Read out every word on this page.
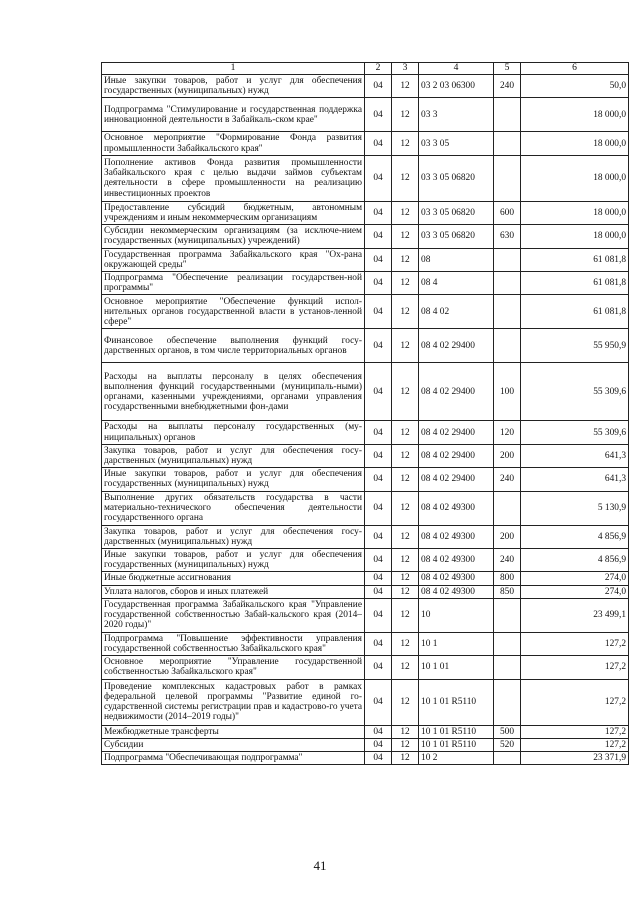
1	2	3	4	5	6
Иные закупки товаров, работ и услуг для обеспечения государственных (муниципальных) нужд	04	12	03 2 03 06300	240	50,0
Подпрограмма "Стимулирование и государственная поддержка инновационной деятельности в Забайкаль-ском крае"	04	12	03 3		18 000,0
Основное мероприятие "Формирование Фонда развития промышленности Забайкальского края"	04	12	03 3 05		18 000,0
Пополнение активов Фонда развития промышленности Забайкальского края с целью выдачи займов субъектам деятельности в сфере промышленности на реализацию инвестиционных проектов	04	12	03 3 05 06820		18 000,0
Предоставление субсидий бюджетным, автономным учреждениям и иным некоммерческим организациям	04	12	03 3 05 06820	600	18 000,0
Субсидии некоммерческим организациям (за исключе-нием государственных (муниципальных) учреждений)	04	12	03 3 05 06820	630	18 000,0
Государственная программа Забайкальского края "Ох-рана окружающей среды"	04	12	08		61 081,8
Подпрограмма "Обеспечение реализации государствен-ной программы"	04	12	08 4		61 081,8
Основное мероприятие "Обеспечение функций испол-нительных органов государственной власти в установ-ленной сфере"	04	12	08 4 02		61 081,8
Финансовое обеспечение выполнения функций госу-дарственных органов, в том числе территориальных органов	04	12	08 4 02 29400		55 950,9
Расходы на выплаты персоналу в целях обеспечения выполнения функций государственными (муниципаль-ными) органами, казенными учреждениями, органами управления государственными внебюджетными фон-дами	04	12	08 4 02 29400	100	55 309,6
Расходы на выплаты персоналу государственных (му-ниципальных) органов	04	12	08 4 02 29400	120	55 309,6
Закупка товаров, работ и услуг для обеспечения госу-дарственных (муниципальных) нужд	04	12	08 4 02 29400	200	641,3
Иные закупки товаров, работ и услуг для обеспечения государственных (муниципальных) нужд	04	12	08 4 02 29400	240	641,3
Выполнение других обязательств государства в части материально-технического обеспечения деятельности государственного органа	04	12	08 4 02 49300		5 130,9
Закупка товаров, работ и услуг для обеспечения госу-дарственных (муниципальных) нужд	04	12	08 4 02 49300	200	4 856,9
Иные закупки товаров, работ и услуг для обеспечения государственных (муниципальных) нужд	04	12	08 4 02 49300	240	4 856,9
Иные бюджетные ассигнования	04	12	08 4 02 49300	800	274,0
Уплата налогов, сборов и иных платежей	04	12	08 4 02 49300	850	274,0
Государственная программа Забайкальского края "Управление государственной собственностью Забай-кальского края (2014–2020 годы)"	04	12	10		23 499,1
Подпрограмма "Повышение эффективности управления государственной собственностью Забайкальского края"	04	12	10 1		127,2
Основное мероприятие "Управление государственной собственностью Забайкальского края"	04	12	10 1 01		127,2
Проведение комплексных кадастровых работ в рамках федеральной целевой программы "Развитие единой го-сударственной системы регистрации прав и кадастрово-го учета недвижимости (2014–2019 годы)"	04	12	10 1 01 R5110		127,2
Межбюджетные трансферты	04	12	10 1 01 R5110	500	127,2
Субсидии	04	12	10 1 01 R5110	520	127,2
Подпрограмма "Обеспечивающая подпрограмма"	04	12	10 2		23 371,9
41
